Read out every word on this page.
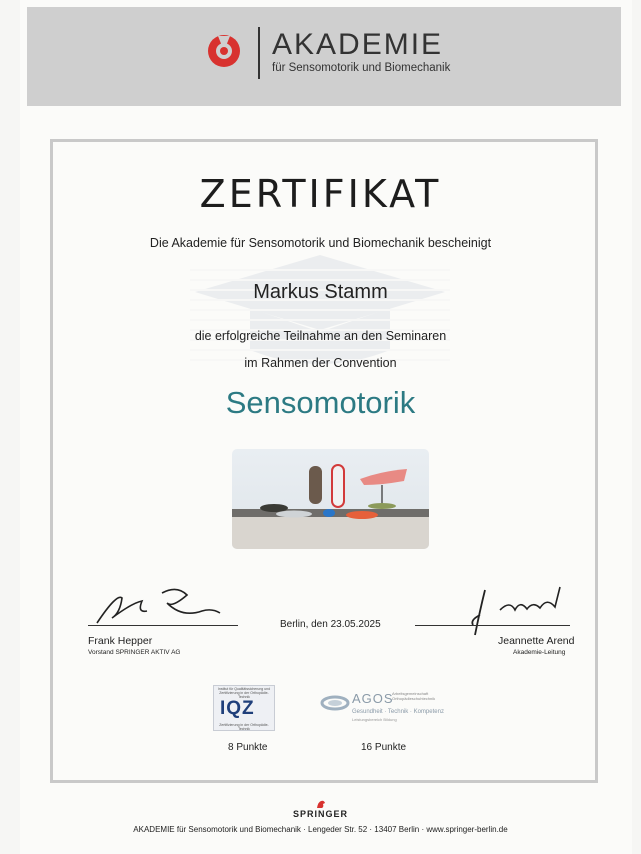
AKADEMIE
für Sensomotorik und Biomechanik
ZERTIFIKAT
Die Akademie für Sensomotorik und Biomechanik bescheinigt
Markus Stamm
die erfolgreiche Teilnahme an den Seminaren
im Rahmen der Convention
Sensomotorik
Frank Hepper
Vorstand SPRINGER AKTIV AG
Berlin, den 23.05.2025
Jeannette Arend
Akademie-Leitung
Institut für Qualitätssicherung und Zertifizierung in der Orthopädie-Technik
IQZ
Zertifizierung in der Orthopädie-Technik
8 Punkte
AGOS
Arbeitsgemeinschaft Orthopädieschuhtechnik
Gesundheit · Technik · Kompetenz
Leistungsbereich Bildung
16 Punkte
SPRINGER
AKADEMIE für Sensomotorik und Biomechanik · Lengeder Str. 52 · 13407 Berlin · www.springer-berlin.de
